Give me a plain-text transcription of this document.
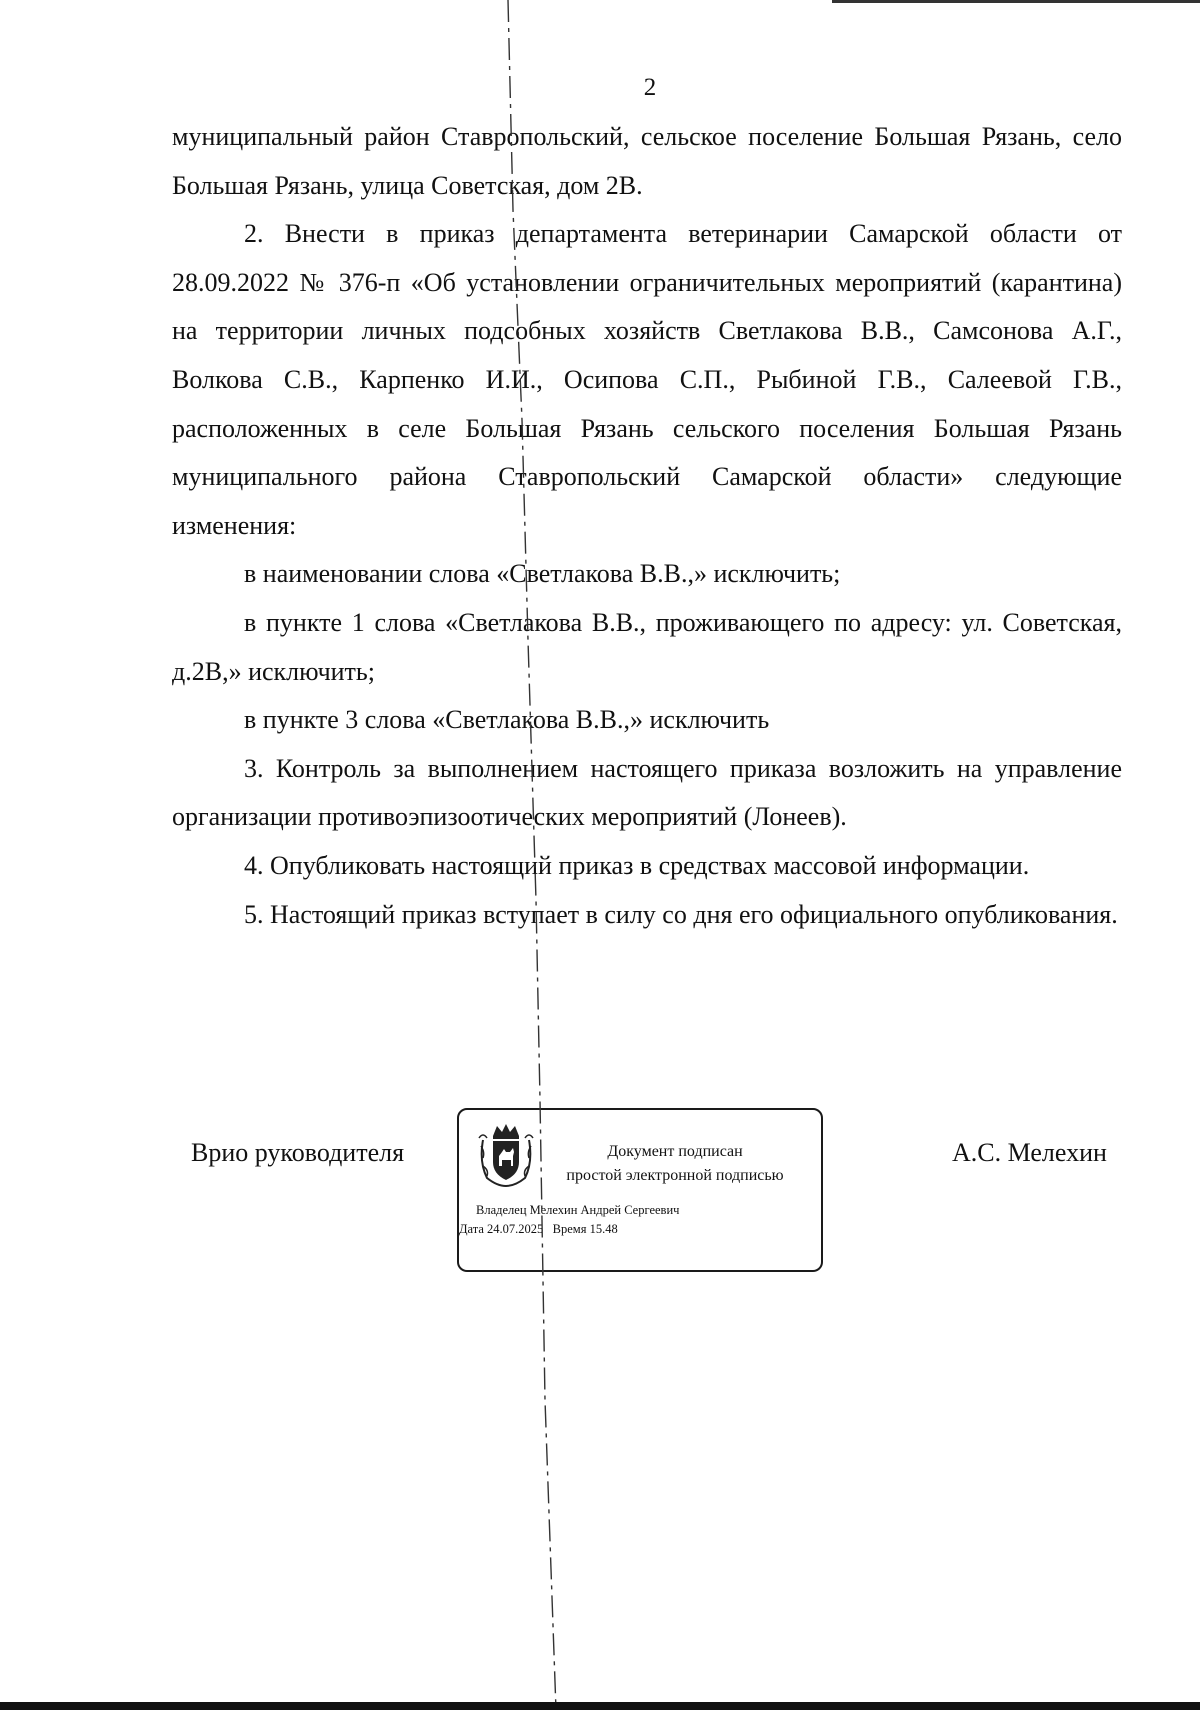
2

муниципальный район Ставропольский, сельское поселение Большая Рязань, село Большая Рязань, улица Советская, дом 2В.

2. Внести в приказ департамента ветеринарии Самарской области от 28.09.2022 № 376-п «Об установлении ограничительных мероприятий (карантина) на территории личных подсобных хозяйств Светлакова В.В., Самсонова А.Г., Волкова С.В., Карпенко И.И., Осипова С.П., Рыбиной Г.В., Салеевой Г.В., расположенных в селе Большая Рязань сельского поселения Большая Рязань муниципального района Ставропольский Самарской области» следующие изменения:

в наименовании слова «Светлакова В.В.,» исключить;

в пункте 1 слова «Светлакова В.В., проживающего по адресу: ул. Советская, д.2В,» исключить;

в пункте 3 слова «Светлакова В.В.,» исключить

3. Контроль за выполнением настоящего приказа возложить на управление организации противоэпизоотических мероприятий (Лонеев).

4. Опубликовать настоящий приказ в средствах массовой информации.

5. Настоящий приказ вступает в силу со дня его официального опубликования.

Врио руководителя	Документ подписан
простой электронной подписью
Владелец Мелехин Андрей Сергеевич
Дата 24.07.2025   Время 15.48
А.С. Мелехин
